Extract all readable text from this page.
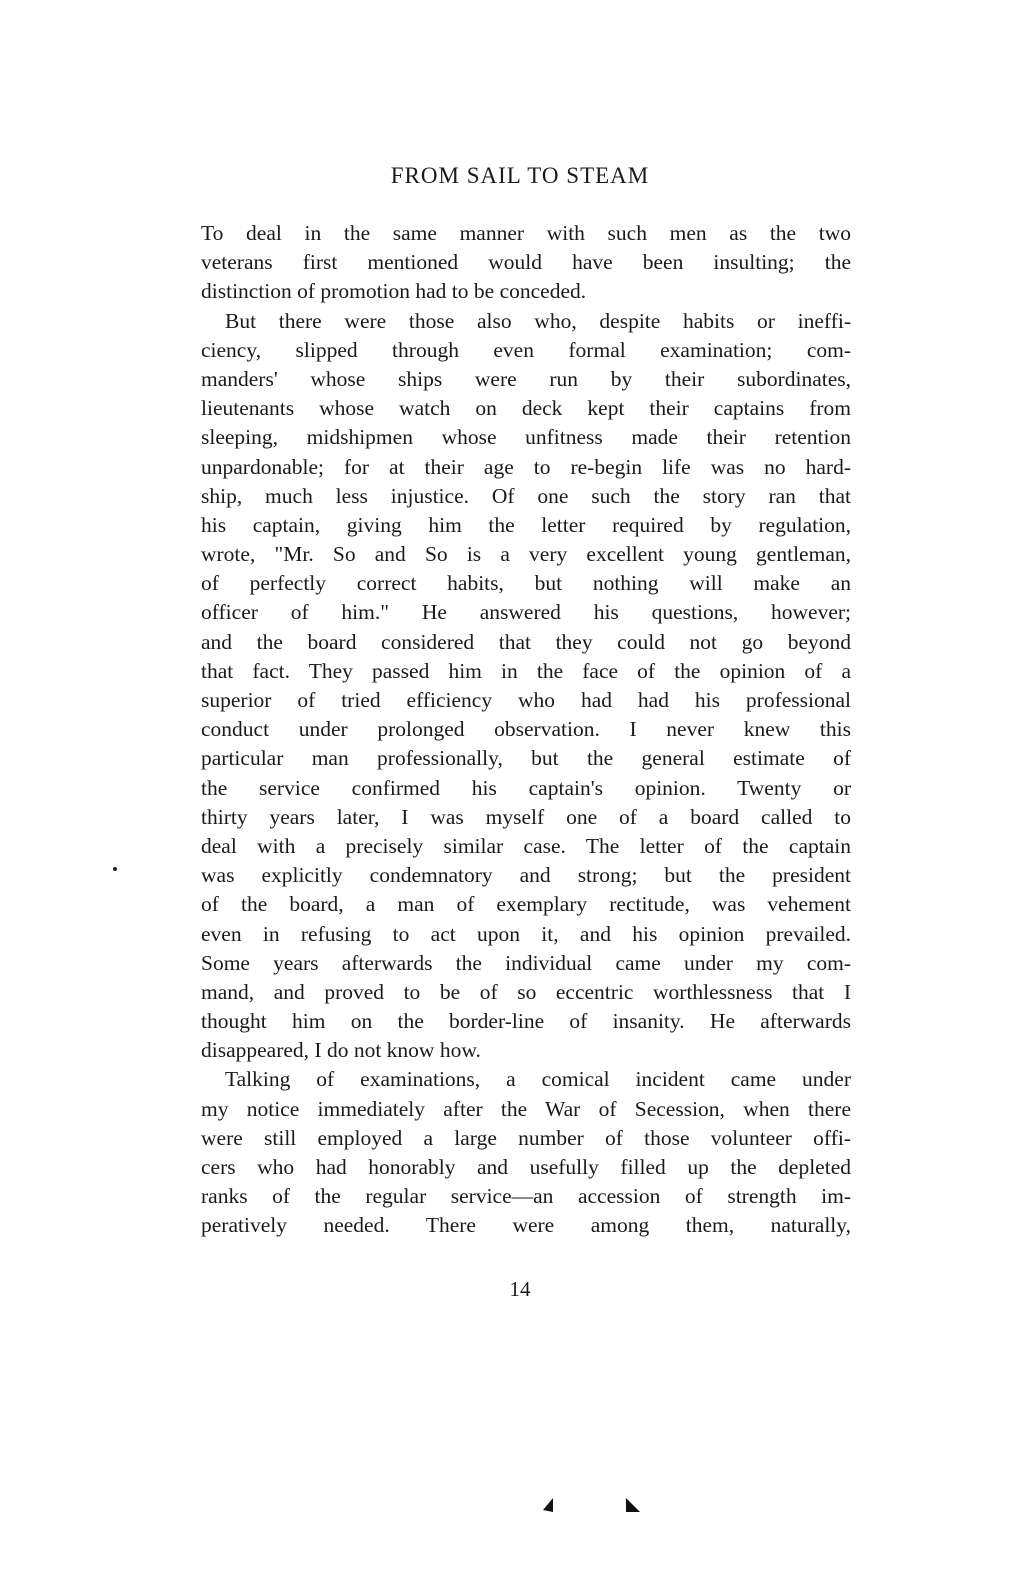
FROM SAIL TO STEAM
To deal in the same manner with such men as the two
veterans first mentioned would have been insulting; the
distinction of promotion had to be conceded.
But there were those also who, despite habits or ineffi-
ciency, slipped through even formal examination; com-
manders' whose ships were run by their subordinates,
lieutenants whose watch on deck kept their captains from
sleeping, midshipmen whose unfitness made their retention
unpardonable; for at their age to re-begin life was no hard-
ship, much less injustice. Of one such the story ran that
his captain, giving him the letter required by regulation,
wrote, "Mr. So and So is a very excellent young gentleman,
of perfectly correct habits, but nothing will make an
officer of him." He answered his questions, however;
and the board considered that they could not go beyond
that fact. They passed him in the face of the opinion of a
superior of tried efficiency who had had his professional
conduct under prolonged observation. I never knew this
particular man professionally, but the general estimate of
the service confirmed his captain's opinion. Twenty or
thirty years later, I was myself one of a board called to
deal with a precisely similar case. The letter of the captain
was explicitly condemnatory and strong; but the president
of the board, a man of exemplary rectitude, was vehement
even in refusing to act upon it, and his opinion prevailed.
Some years afterwards the individual came under my com-
mand, and proved to be of so eccentric worthlessness that I
thought him on the border-line of insanity. He afterwards
disappeared, I do not know how.
Talking of examinations, a comical incident came under
my notice immediately after the War of Secession, when there
were still employed a large number of those volunteer offi-
cers who had honorably and usefully filled up the depleted
ranks of the regular service—an accession of strength im-
peratively needed. There were among them, naturally,
14
